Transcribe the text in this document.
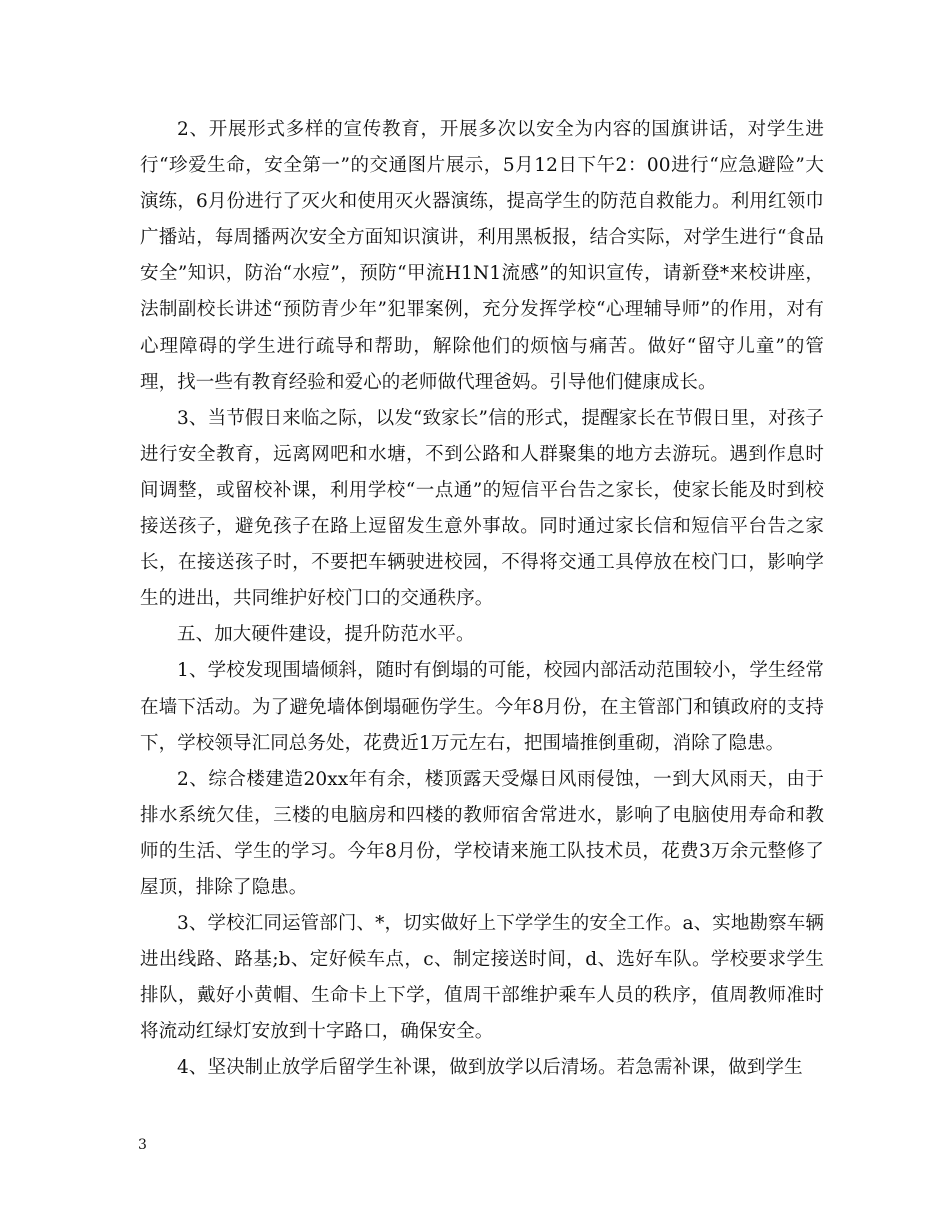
2、开展形式多样的宣传教育，开展多次以安全为内容的国旗讲话，对学生进行“珍爱生命，安全第一”的交通图片展示，5月12日下午2：00进行“应急避险”大演练，6月份进行了灭火和使用灭火器演练，提高学生的防范自救能力。利用红领巾广播站，每周播两次安全方面知识演讲，利用黑板报，结合实际，对学生进行“食品安全”知识，防治“水痘”，预防“甲流H1N1流感”的知识宣传，请新登*来校讲座，法制副校长讲述“预防青少年”犯罪案例，充分发挥学校“心理辅导师”的作用，对有心理障碍的学生进行疏导和帮助，解除他们的烦恼与痛苦。做好“留守儿童”的管理，找一些有教育经验和爱心的老师做代理爸妈。引导他们健康成长。

3、当节假日来临之际，以发“致家长”信的形式，提醒家长在节假日里，对孩子进行安全教育，远离网吧和水塘，不到公路和人群聚集的地方去游玩。遇到作息时间调整，或留校补课，利用学校“一点通”的短信平台告之家长，使家长能及时到校接送孩子，避免孩子在路上逗留发生意外事故。同时通过家长信和短信平台告之家长，在接送孩子时，不要把车辆驶进校园，不得将交通工具停放在校门口，影响学生的进出，共同维护好校门口的交通秩序。

五、加大硬件建设，提升防范水平。

1、学校发现围墙倾斜，随时有倒塌的可能，校园内部活动范围较小，学生经常在墙下活动。为了避免墙体倒塌砸伤学生。今年8月份，在主管部门和镇政府的支持下，学校领导汇同总务处，花费近1万元左右，把围墙推倒重砌，消除了隐患。

2、综合楼建造20xx年有余，楼顶露天受爆日风雨侵蚀，一到大风雨天，由于排水系统欠佳，三楼的电脑房和四楼的教师宿舍常进水，影响了电脑使用寿命和教师的生活、学生的学习。今年8月份，学校请来施工队技术员，花费3万余元整修了屋顶，排除了隐患。

3、学校汇同运管部门、*，切实做好上下学学生的安全工作。a、实地勘察车辆进出线路、路基;b、定好候车点，c、制定接送时间，d、选好车队。学校要求学生排队，戴好小黄帽、生命卡上下学，值周干部维护乘车人员的秩序，值周教师准时将流动红绿灯安放到十字路口，确保安全。

4、坚决制止放学后留学生补课，做到放学以后清场。若急需补课，做到学生

3
